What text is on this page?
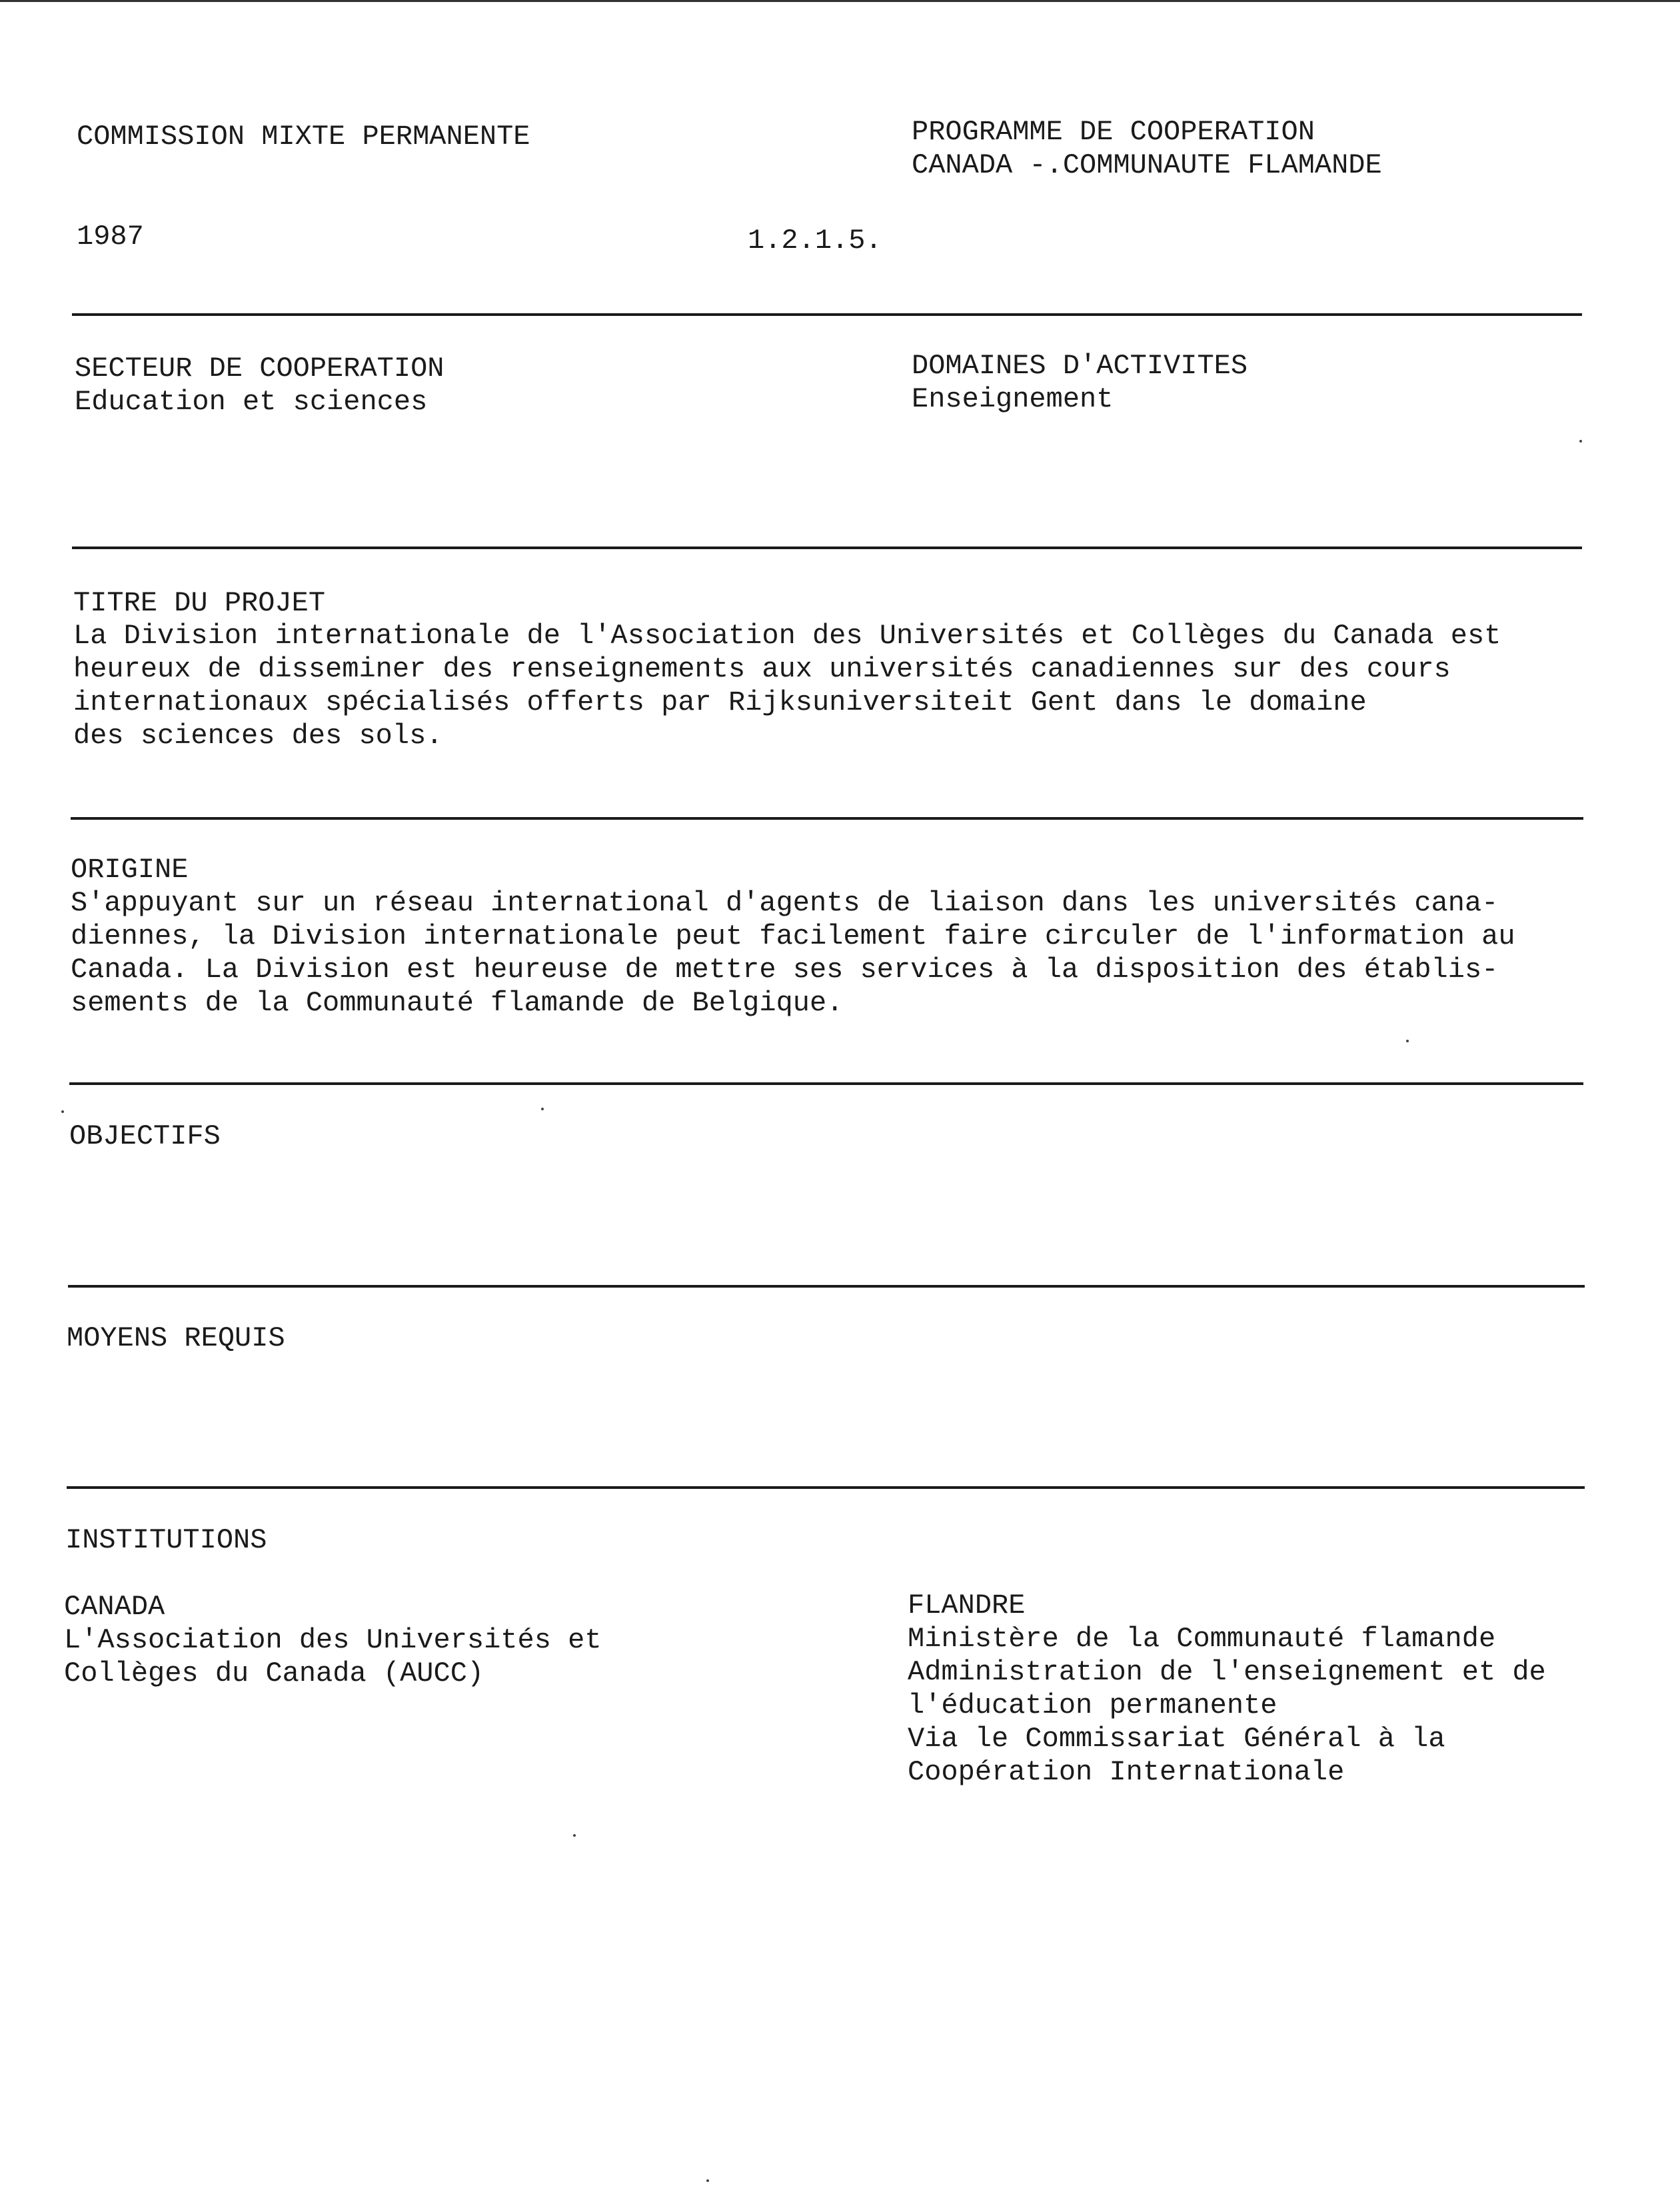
COMMISSION MIXTE PERMANENTE	PROGRAMME DE COOPERATION

CANADA -.COMMUNAUTE FLAMANDE

1987	1.2.1.5.

SECTEUR DE COOPERATION

Education et sciences

DOMAINES D'ACTIVITES

Enseignement

TITRE DU PROJET

La Division internationale de l'Association des Universités et Collèges du Canada est
heureux de disseminer des renseignements aux universités canadiennes sur des cours
internationaux spécialisés offerts par Rijksuniversiteit Gent dans le domaine
des sciences des sols.

ORIGINE

S'appuyant sur un réseau international d'agents de liaison dans les universités cana-
diennes, la Division internationale peut facilement faire circuler de l'information au
Canada. La Division est heureuse de mettre ses services à la disposition des établis-
sements de la Communauté flamande de Belgique.

OBJECTIFS

MOYENS REQUIS

INSTITUTIONS

CANADA

L'Association des Universités et
Collèges du Canada (AUCC)

FLANDRE

Ministère de la Communauté flamande
Administration de l'enseignement et de
l'éducation permanente
Via le Commissariat Général à la
Coopération Internationale
